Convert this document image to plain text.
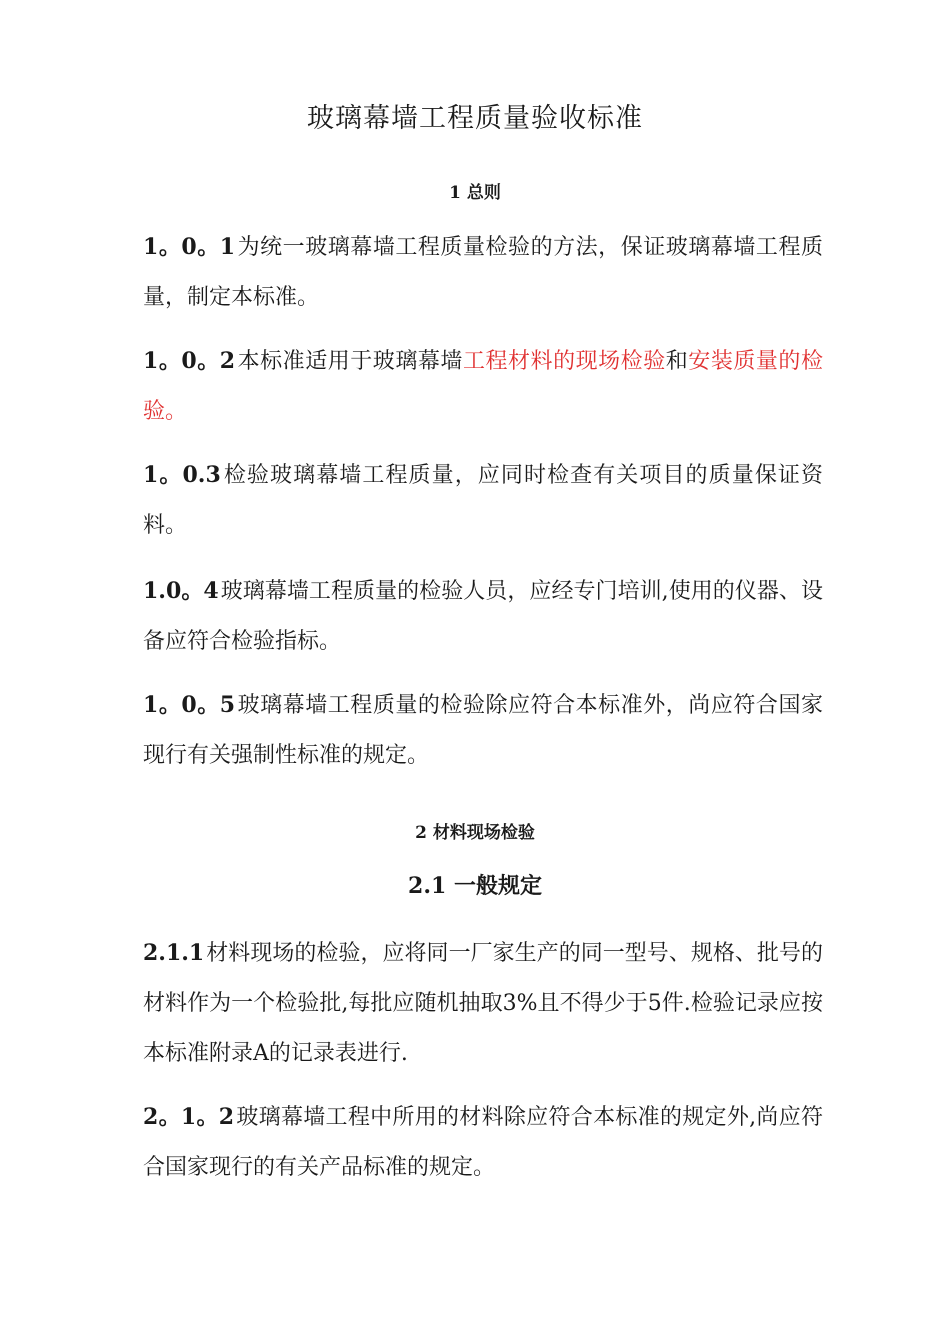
玻璃幕墙工程质量验收标准
1 总则

1。0。1为统一玻璃幕墙工程质量检验的方法，保证玻璃幕墙工程质量，制定本标准。

1。0。2本标准适用于玻璃幕墙工程材料的现场检验和安装质量的检验。

1。0.3检验玻璃幕墙工程质量，应同时检查有关项目的质量保证资料。

1.0。4玻璃幕墙工程质量的检验人员，应经专门培训,使用的仪器、设备应符合检验指标。

1。0。5玻璃幕墙工程质量的检验除应符合本标准外，尚应符合国家现行有关强制性标准的规定。

2 材料现场检验
2.1 一般规定

2.1.1材料现场的检验，应将同一厂家生产的同一型号、规格、批号的材料作为一个检验批,每批应随机抽取3%且不得少于5件.检验记录应按本标准附录A的记录表进行.

2。1。2玻璃幕墙工程中所用的材料除应符合本标准的规定外,尚应符合国家现行的有关产品标准的规定。
